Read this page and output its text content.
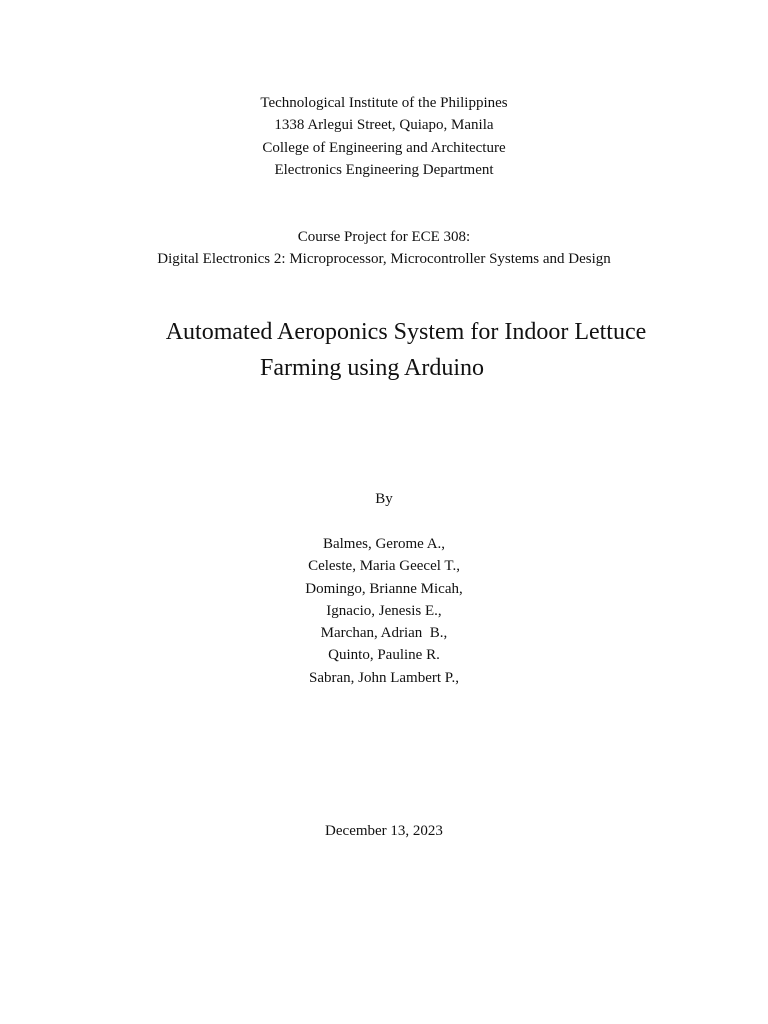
Technological Institute of the Philippines
1338 Arlegui Street, Quiapo, Manila
College of Engineering and Architecture
Electronics Engineering Department
Course Project for ECE 308:
Digital Electronics 2: Microprocessor, Microcontroller Systems and Design
Automated Aeroponics System for Indoor Lettuce
Farming using Arduino
By
Balmes, Gerome A.,
Celeste, Maria Geecel T.,
Domingo, Brianne Micah,
Ignacio, Jenesis E.,
Marchan, Adrian  B.,
Quinto, Pauline R.
Sabran, John Lambert P.,
December 13, 2023
